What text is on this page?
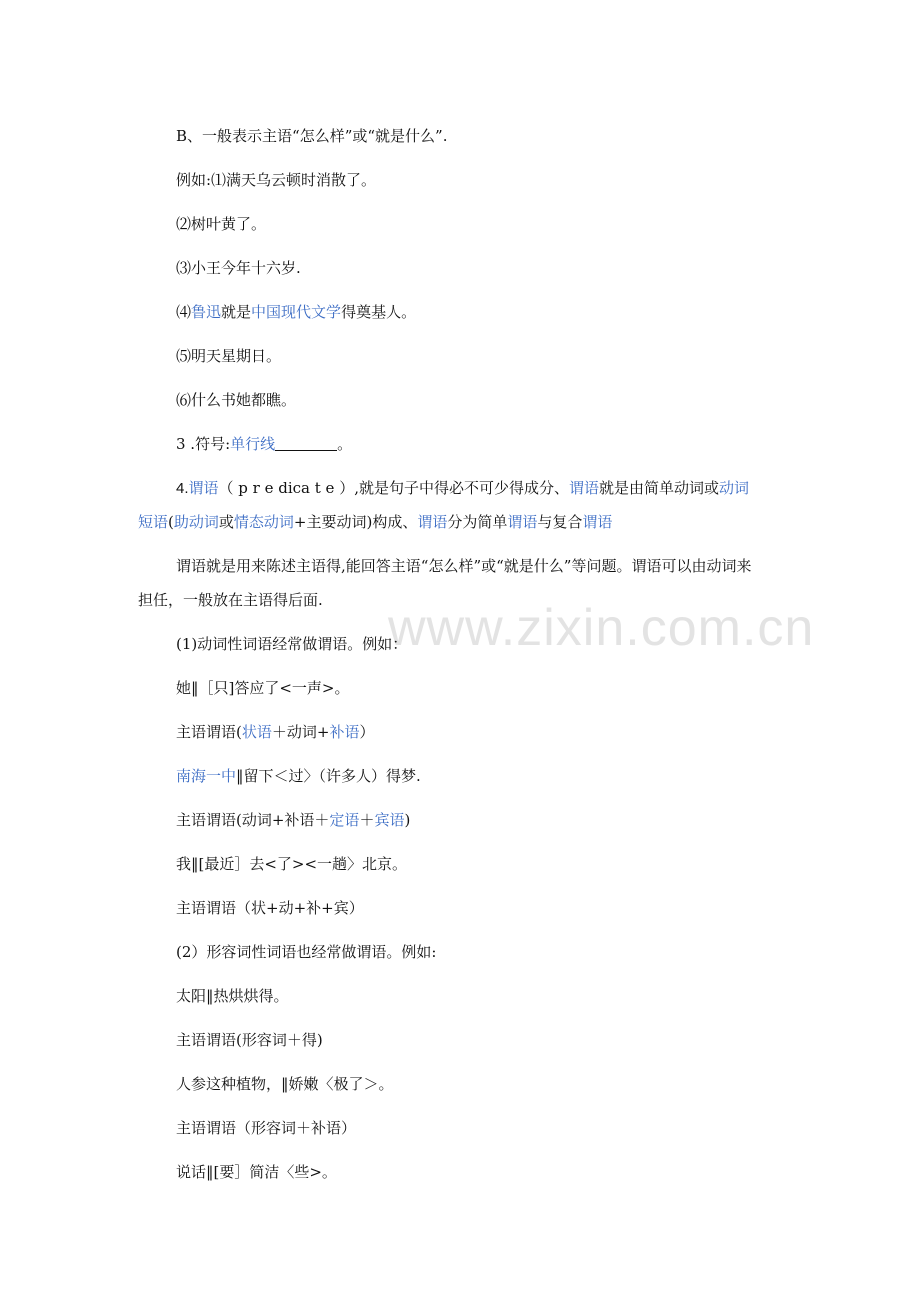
www.zixin.com.cn
B、一般表示主语“怎么样”或“就是什么”.
例如:⑴满天乌云顿时消散了。
⑵树叶黄了。
⑶小王今年十六岁.
⑷鲁迅就是中国现代文学得奠基人。
⑸明天星期日。
⑹什么书她都瞧。
3 .符号:单行线	。
4.谓语（ p r e dica t e ）,就是句子中得必不可少得成分、谓语就是由简单动词或动词
短语(助动词或情态动词+主要动词)构成、谓语分为简单谓语与复合谓语
谓语就是用来陈述主语得,能回答主语“怎么样”或“就是什么”等问题。谓语可以由动词来
担任，一般放在主语得后面.
(1)动词性词语经常做谓语。例如：
她‖［只]答应了<一声>。
主语谓语(状语＋动词+补语）
南海一中‖留下＜过〉（许多人）得梦.
主语谓语(动词+补语＋定语＋宾语)
我‖[最近］去<了><一趟〉北京。
主语谓语（状+动+补+宾）
(2）形容词性词语也经常做谓语。例如:
太阳‖热烘烘得。
主语谓语(形容词＋得)
人参这种植物，‖娇嫩〈极了＞。
主语谓语（形容词＋补语）
说话‖[要］简洁〈些>。
